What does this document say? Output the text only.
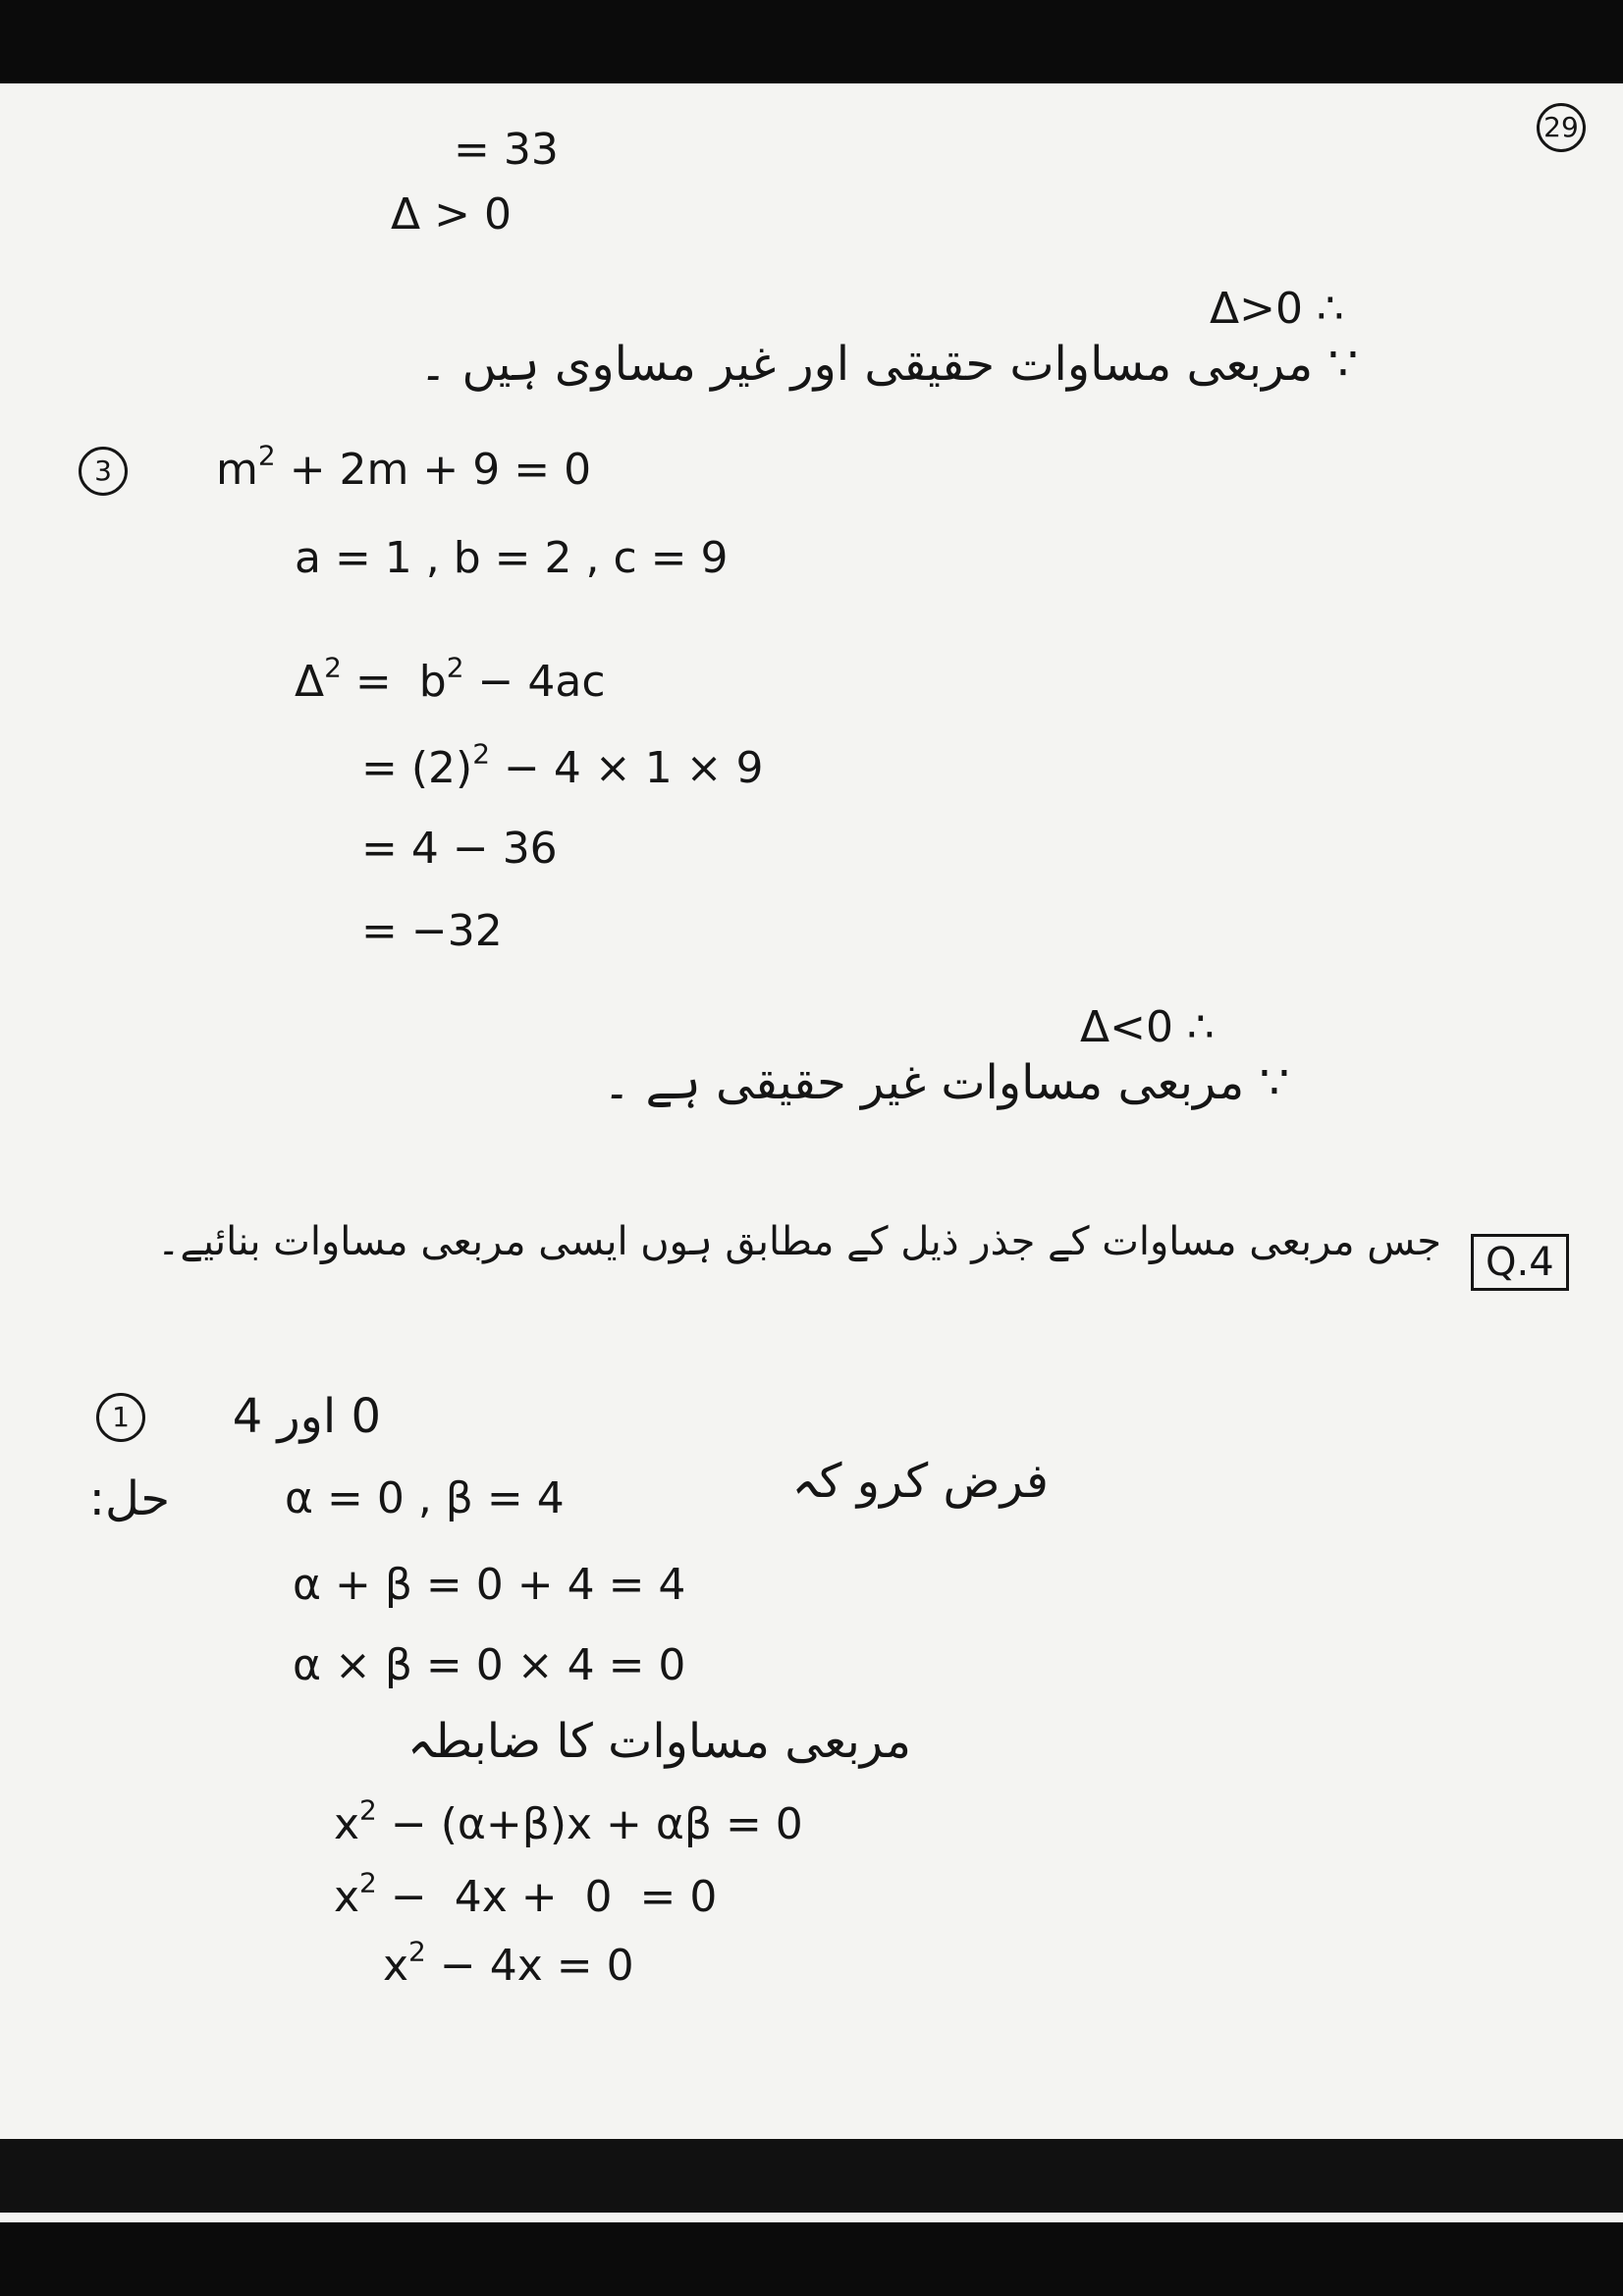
29
= 33
Δ > 0
Δ>0 ∴
∵ مربعی مساوات حقیقی اور غیر مساوی ہیں ۔
3	$m^2 + 2m + 9 = 0$
a = 1 , b = 2 , c = 9
$\Delta^2 = b^2 - 4ac$
= $(2)^2 - 4 \times 1 \times 9$
= 4 − 36
= −32
Δ<0 ∴
∵ مربعی مساوات غیر حقیقی ہے ۔
Q.4
جس مربعی مساوات کے جذر ذیل کے مطابق ہوں ایسی مربعی مساوات بنائیے۔
1	0 اور 4
حل:	α = 0 , β = 4	فرض کرو کہ
α + β = 0 + 4 = 4
α × β = 0 × 4 = 0
مربعی مساوات کا ضابطہ
$x^2 - (\alpha+\beta)x + \alpha\beta = 0$
$x^2 - 4x + 0 = 0$
$x^2 - 4x = 0$
